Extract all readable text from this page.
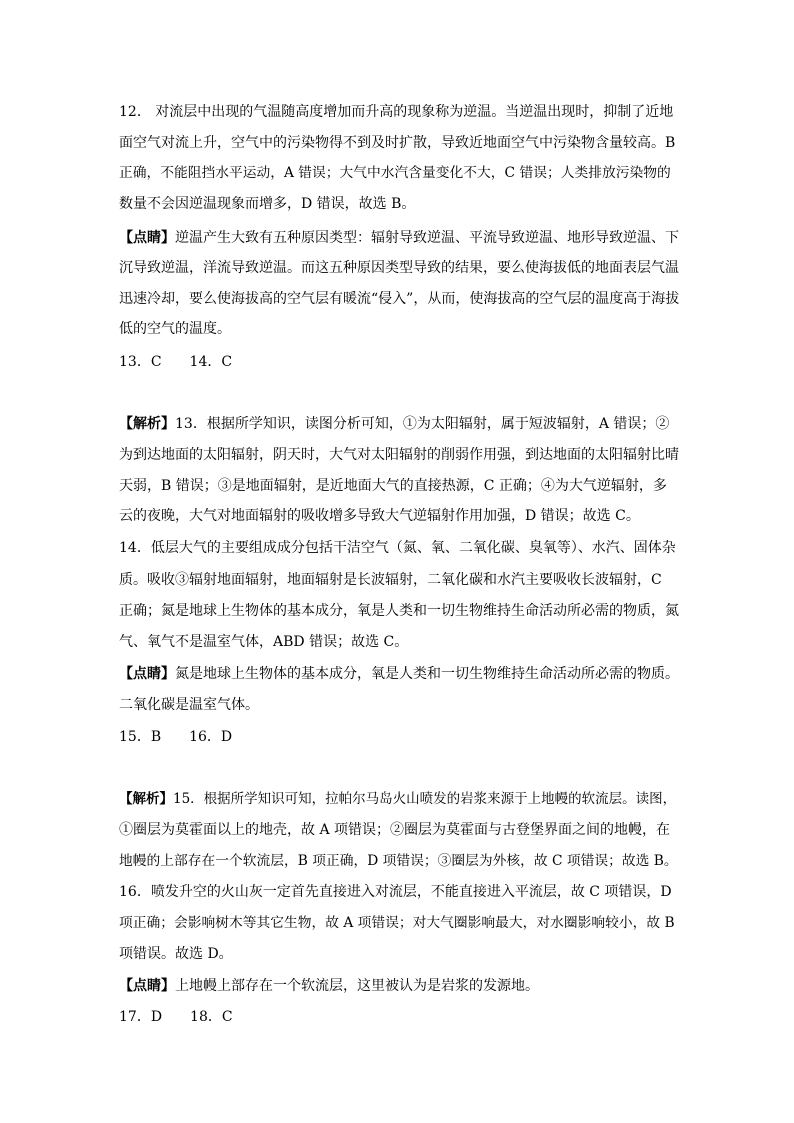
12． 对流层中出现的气温随高度增加而升高的现象称为逆温。当逆温出现时，抑制了近地
面空气对流上升，空气中的污染物得不到及时扩散，导致近地面空气中污染物含量较高。B
正确，不能阻挡水平运动，A 错误；大气中水汽含量变化不大，C 错误；人类排放污染物的
数量不会因逆温现象而增多，D 错误，故选 B。
【点睛】逆温产生大致有五种原因类型：辐射导致逆温、平流导致逆温、地形导致逆温、下
沉导致逆温，洋流导致逆温。而这五种原因类型导致的结果，要么使海拔低的地面表层气温
迅速冷却，要么使海拔高的空气层有暖流“侵入”，从而，使海拔高的空气层的温度高于海拔
低的空气的温度。
13．C 14．C
【解析】13．根据所学知识，读图分析可知，①为太阳辐射，属于短波辐射，A 错误；②
为到达地面的太阳辐射，阴天时，大气对太阳辐射的削弱作用强，到达地面的太阳辐射比晴
天弱，B 错误；③是地面辐射，是近地面大气的直接热源，C 正确；④为大气逆辐射，多
云的夜晚，大气对地面辐射的吸收增多导致大气逆辐射作用加强，D 错误；故选 C。
14．低层大气的主要组成成分包括干洁空气（氮、氧、二氧化碳、臭氧等）、水汽、固体杂
质。吸收③辐射地面辐射，地面辐射是长波辐射，二氧化碳和水汽主要吸收长波辐射，C
正确；氮是地球上生物体的基本成分，氧是人类和一切生物维持生命活动所必需的物质，氮
气、氧气不是温室气体，ABD 错误；故选 C。
【点睛】氮是地球上生物体的基本成分，氧是人类和一切生物维持生命活动所必需的物质。
二氧化碳是温室气体。
15．B 16．D
【解析】15．根据所学知识可知，拉帕尔马岛火山喷发的岩浆来源于上地幔的软流层。读图，
①圈层为莫霍面以上的地壳，故 A 项错误；②圈层为莫霍面与古登堡界面之间的地幔，在
地幔的上部存在一个软流层，B 项正确，D 项错误；③圈层为外核，故 C 项错误；故选 B。
16．喷发升空的火山灰一定首先直接进入对流层，不能直接进入平流层，故 C 项错误，D
项正确；会影响树木等其它生物，故 A 项错误；对大气圈影响最大，对水圈影响较小，故 B
项错误。故选 D。
【点睛】上地幔上部存在一个软流层，这里被认为是岩浆的发源地。
17．D 18．C
